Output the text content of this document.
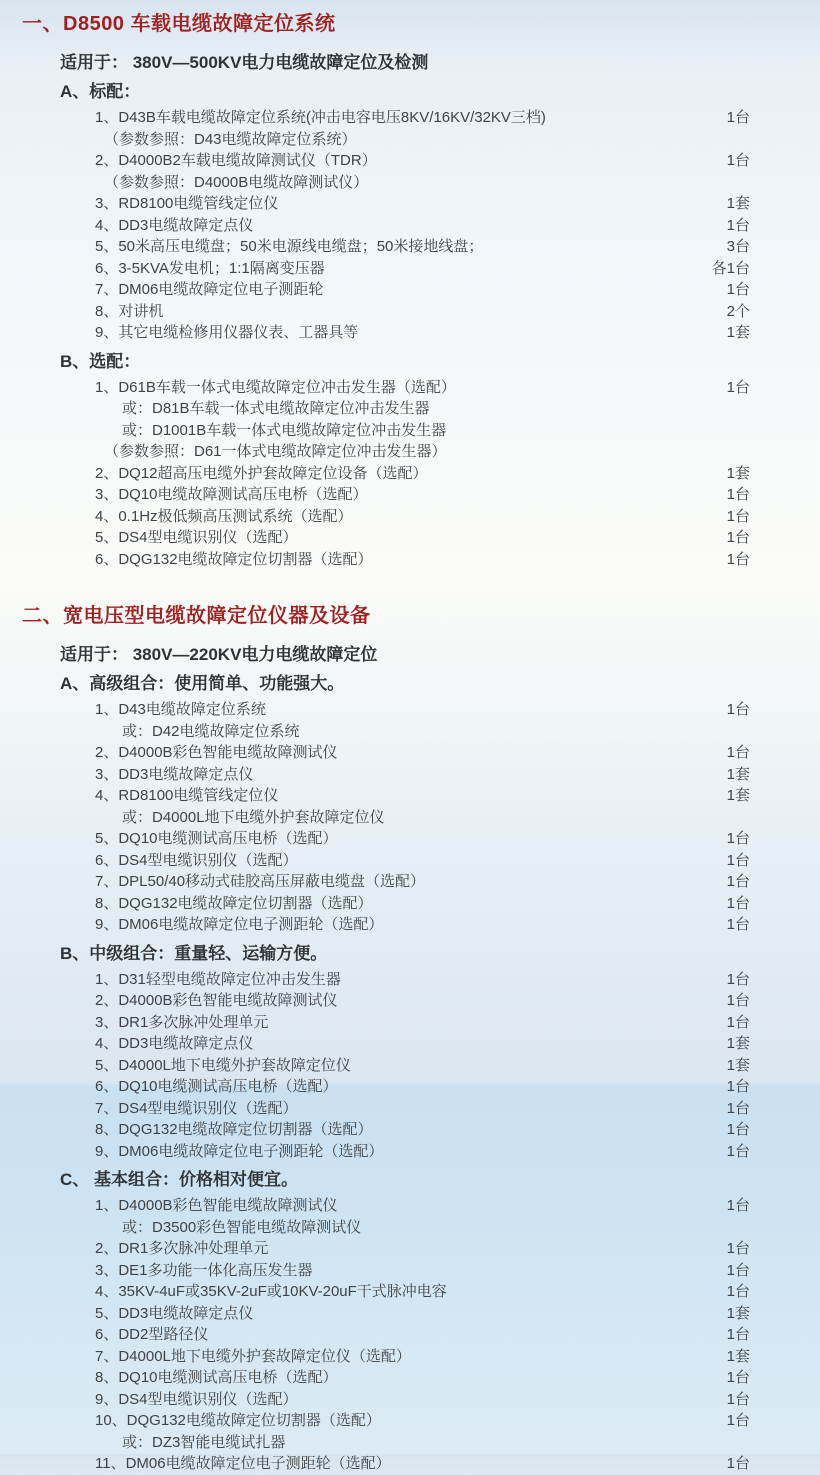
一、D8500 车载电缆故障定位系统
适用于： 380V—500KV电力电缆故障定位及检测
A、标配：
1、D43B车载电缆故障定位系统(冲击电容电压8KV/16KV/32KV三档)	1台
（参数参照：D43电缆故障定位系统）
2、D4000B2车载电缆故障测试仪（TDR）	1台
（参数参照：D4000B电缆故障测试仪）
3、RD8100电缆管线定位仪	1套
4、DD3电缆故障定点仪	1台
5、50米高压电缆盘；50米电源线电缆盘；50米接地线盘；	3台
6、3-5KVA发电机；1:1隔离变压器	各1台
7、DM06电缆故障定位电子测距轮	1台
8、对讲机	2个
9、其它电缆检修用仪器仪表、工器具等	1套
B、选配：
1、D61B车载一体式电缆故障定位冲击发生器（选配）	1台
或：D81B车载一体式电缆故障定位冲击发生器
或：D1001B车载一体式电缆故障定位冲击发生器
（参数参照：D61一体式电缆故障定位冲击发生器）
2、DQ12超高压电缆外护套故障定位设备（选配）	1套
3、DQ10电缆故障测试高压电桥（选配）	1台
4、0.1Hz极低频高压测试系统（选配）	1台
5、DS4型电缆识别仪（选配）	1台
6、DQG132电缆故障定位切割器（选配）	1台
二、宽电压型电缆故障定位仪器及设备
适用于： 380V—220KV电力电缆故障定位
A、高级组合：使用简单、功能强大。
1、D43电缆故障定位系统	1台
或：D42电缆故障定位系统
2、D4000B彩色智能电缆故障测试仪	1台
3、DD3电缆故障定点仪	1套
4、RD8100电缆管线定位仪	1套
或：D4000L地下电缆外护套故障定位仪
5、DQ10电缆测试高压电桥（选配）	1台
6、DS4型电缆识别仪（选配）	1台
7、DPL50/40移动式硅胶高压屏蔽电缆盘（选配）	1台
8、DQG132电缆故障定位切割器（选配）	1台
9、DM06电缆故障定位电子测距轮（选配）	1台
B、中级组合：重量轻、运输方便。
1、D31轻型电缆故障定位冲击发生器	1台
2、D4000B彩色智能电缆故障测试仪	1台
3、DR1多次脉冲处理单元	1台
4、DD3电缆故障定点仪	1套
5、D4000L地下电缆外护套故障定位仪	1套
6、DQ10电缆测试高压电桥（选配）	1台
7、DS4型电缆识别仪（选配）	1台
8、DQG132电缆故障定位切割器（选配）	1台
9、DM06电缆故障定位电子测距轮（选配）	1台
C、 基本组合：价格相对便宜。
1、D4000B彩色智能电缆故障测试仪	1台
或：D3500彩色智能电缆故障测试仪
2、DR1多次脉冲处理单元	1台
3、DE1多功能一体化高压发生器	1台
4、35KV-4uF或35KV-2uF或10KV-20uF干式脉冲电容	1台
5、DD3电缆故障定点仪	1套
6、DD2型路径仪	1台
7、D4000L地下电缆外护套故障定位仪（选配）	1套
8、DQ10电缆测试高压电桥（选配）	1台
9、DS4型电缆识别仪（选配）	1台
10、DQG132电缆故障定位切割器（选配）	1台
或：DZ3智能电缆试扎器
11、DM06电缆故障定位电子测距轮（选配）	1台
